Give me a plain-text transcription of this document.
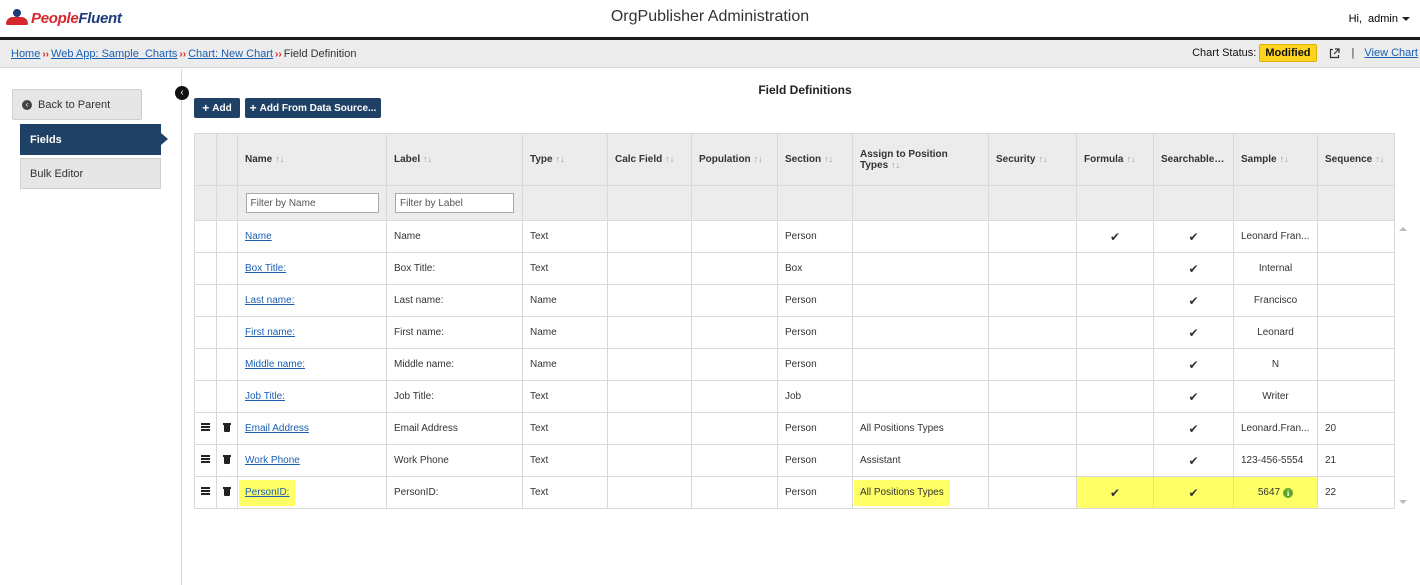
PeopleFluent	OrgPublisher Administration	Hi, admin
Home ›› Web App: Sample_Charts ›› Chart: New Chart ›› Field Definition	Chart Status: Modified	| View Chart
‹ Back to Parent
Fields
Bulk Editor
‹	Field Definitions
+ Add + Add From Data Source...
		Name ↑↓	Label ↑↓	Type ↑↓	Calc Field ↑↓	Population ↑↓	Section ↑↓	Assign to Position Types ↑↓	Security ↑↓	Formula ↑↓	Searchable ↑↓	Sample ↑↓	Sequence ↑↓
		Filter by Name	Filter by Label										
		Name	Name	Text			Person			✔	✔	Leonard Fran...	
		Box Title:	Box Title:	Text			Box				✔	Internal	
		Last name:	Last name:	Name			Person				✔	Francisco	
		First name:	First name:	Name			Person				✔	Leonard	
		Middle name:	Middle name:	Name			Person				✔	N	
		Job Title:	Job Title:	Text			Job				✔	Writer	

		Email Address	Email Address	Text			Person	All Positions Types			✔	Leonard.Fran...	20

		Work Phone	Work Phone	Text			Person	Assistant			✔	123-456-5554	21

		PersonID:	PersonID:	Text			Person	All Positions Types		✔	✔	5647 i	22
